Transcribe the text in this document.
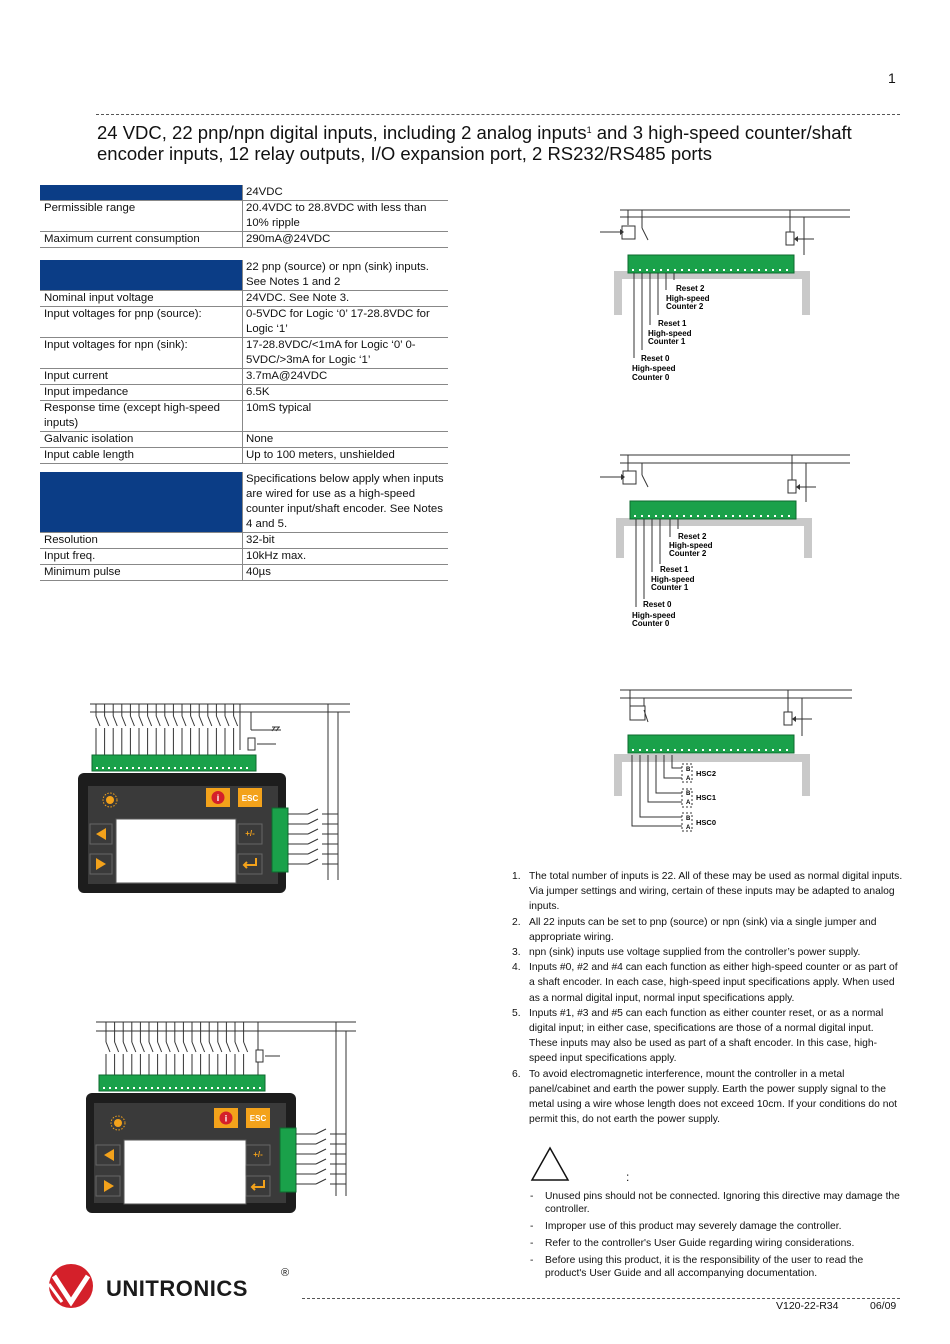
1
24 VDC, 22 pnp/npn digital inputs, including 2 analog inputs$^1$ and 3 high-speed counter/shaft encoder inputs, 12 relay outputs, I/O expansion port, 2 RS232/RS485 ports
	24VDC
Permissible range	20.4VDC to 28.8VDC with less than 10% ripple
Maximum current consumption	290mA@24VDC
	22 pnp (source) or npn (sink) inputs. See Notes 1 and 2
Nominal input voltage	24VDC. See Note 3.
Input voltages for pnp (source):	0-5VDC for Logic ‘0’ 17-28.8VDC for Logic ‘1’
Input voltages for npn (sink):	17-28.8VDC/<1mA for Logic ‘0’ 0-5VDC/>3mA for Logic ‘1’
Input current	3.7mA@24VDC
Input impedance	6.5K
Response time (except high-speed inputs)	10mS typical
Galvanic isolation	None
Input cable length	Up to 100 meters, unshielded
	Specifications below apply when inputs are wired for use as a high-speed counter input/shaft encoder. See Notes 4 and 5.
Resolution	32-bit
Input freq.	10kHz max.
Minimum pulse	40µs
Reset 2
High-speed
Counter 2
Reset 1
High-speed
Counter 1
Reset 0
High-speed
Counter 0
Reset 2
High-speed
Counter 2
Reset 1
High-speed
Counter 1
Reset 0
High-speed
Counter 0
B
A
B
A
B
A
HSC2
HSC1
HSC0
i	ESC
+/-
i	ESC
+/-
1. The total number of inputs is 22. All of these may be used as normal digital inputs. Via jumper settings and wiring, certain of these inputs may be adapted to analog inputs.
2. All 22 inputs can be set to pnp (source) or npn (sink) via a single jumper and appropriate wiring.
3. npn (sink) inputs use voltage supplied from the controller’s power supply.
4. Inputs #0, #2 and #4 can each function as either high-speed counter or as part of a shaft encoder. In each case, high-speed input specifications apply. When used as a normal digital input, normal input specifications apply.
5. Inputs #1, #3 and #5 can each function as either counter reset, or as a normal digital input; in either case, specifications are those of a normal digital input. These inputs may also be used as part of a shaft encoder. In this case, high-speed input specifications apply.
6. To avoid electromagnetic interference, mount the controller in a metal panel/cabinet and earth the power supply. Earth the power supply signal to the metal using a wire whose length does not exceed 10cm. If your conditions do not permit this, do not earth the power supply.
:
-	Unused pins should not be connected. Ignoring this directive may damage the controller.
-	Improper use of this product may severely damage the controller.
-	Refer to the controller's User Guide regarding wiring considerations.
-	Before using this product, it is the responsibility of the user to read the product's User Guide and all accompanying documentation.
UNITRONICS
®
V120-22-R34	06/09
